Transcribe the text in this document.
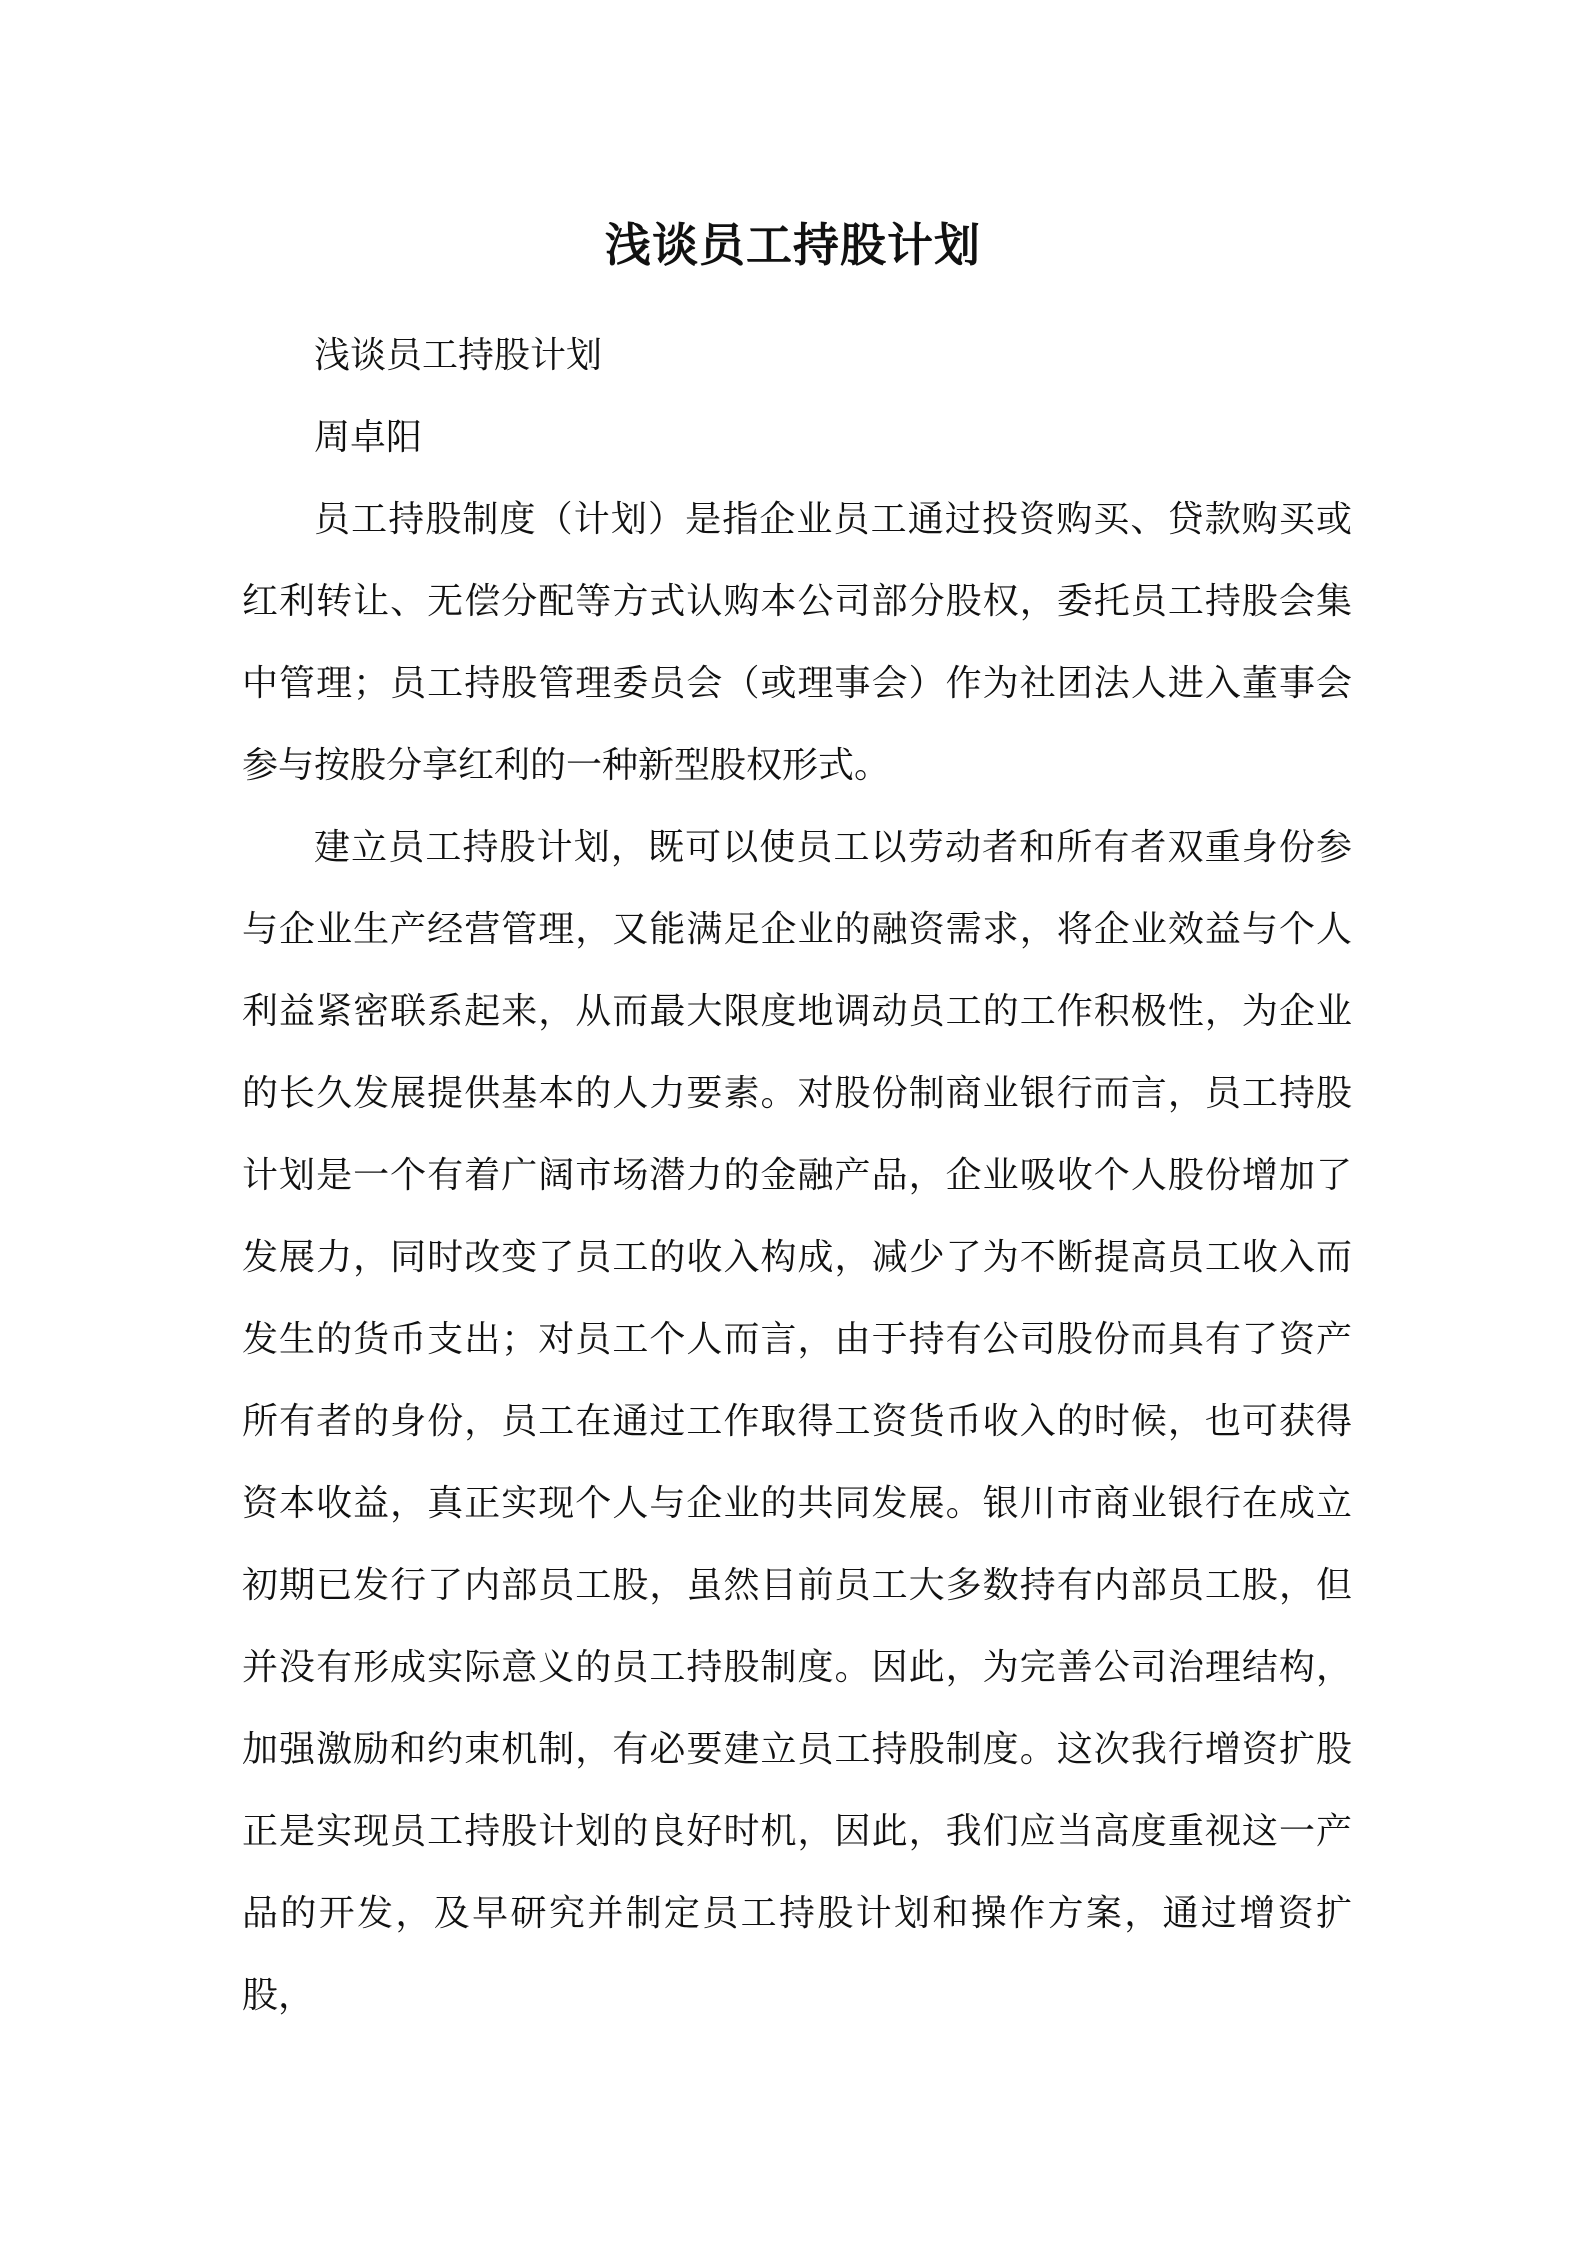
浅谈员工持股计划

浅谈员工持股计划

周卓阳

员工持股制度（计划）是指企业员工通过投资购买、贷款购买或红利转让、无偿分配等方式认购本公司部分股权，委托员工持股会集中管理；员工持股管理委员会（或理事会）作为社团法人进入董事会参与按股分享红利的一种新型股权形式。

建立员工持股计划，既可以使员工以劳动者和所有者双重身份参与企业生产经营管理，又能满足企业的融资需求，将企业效益与个人利益紧密联系起来，从而最大限度地调动员工的工作积极性，为企业的长久发展提供基本的人力要素。对股份制商业银行而言，员工持股计划是一个有着广阔市场潜力的金融产品，企业吸收个人股份增加了发展力，同时改变了员工的收入构成，减少了为不断提高员工收入而发生的货币支出；对员工个人而言，由于持有公司股份而具有了资产所有者的身份，员工在通过工作取得工资货币收入的时候，也可获得资本收益，真正实现个人与企业的共同发展。银川市商业银行在成立初期已发行了内部员工股，虽然目前员工大多数持有内部员工股，但并没有形成实际意义的员工持股制度。因此，为完善公司治理结构，加强激励和约束机制，有必要建立员工持股制度。这次我行增资扩股正是实现员工持股计划的良好时机，因此，我们应当高度重视这一产品的开发，及早研究并制定员工持股计划和操作方案，通过增资扩股，
